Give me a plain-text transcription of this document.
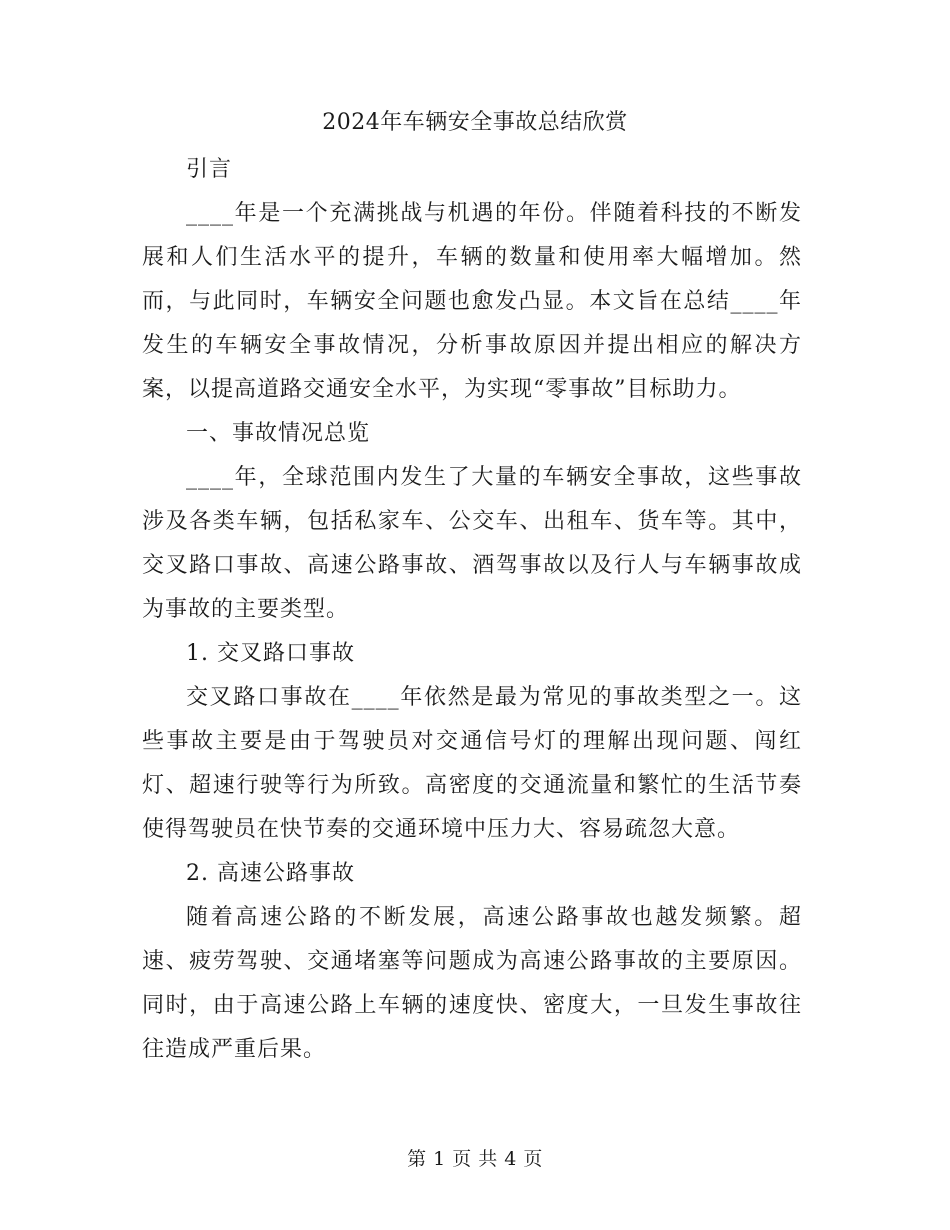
2024年车辆安全事故总结欣赏

引言

____年是一个充满挑战与机遇的年份。伴随着科技的不断发展和人们生活水平的提升，车辆的数量和使用率大幅增加。然而，与此同时，车辆安全问题也愈发凸显。本文旨在总结____年发生的车辆安全事故情况，分析事故原因并提出相应的解决方案，以提高道路交通安全水平，为实现“零事故”目标助力。

一、事故情况总览

____年，全球范围内发生了大量的车辆安全事故，这些事故涉及各类车辆，包括私家车、公交车、出租车、货车等。其中，交叉路口事故、高速公路事故、酒驾事故以及行人与车辆事故成为事故的主要类型。

1. 交叉路口事故

交叉路口事故在____年依然是最为常见的事故类型之一。这些事故主要是由于驾驶员对交通信号灯的理解出现问题、闯红灯、超速行驶等行为所致。高密度的交通流量和繁忙的生活节奏使得驾驶员在快节奏的交通环境中压力大、容易疏忽大意。

2. 高速公路事故

随着高速公路的不断发展，高速公路事故也越发频繁。超速、疲劳驾驶、交通堵塞等问题成为高速公路事故的主要原因。同时，由于高速公路上车辆的速度快、密度大，一旦发生事故往往造成严重后果。

第 1 页 共 4 页
